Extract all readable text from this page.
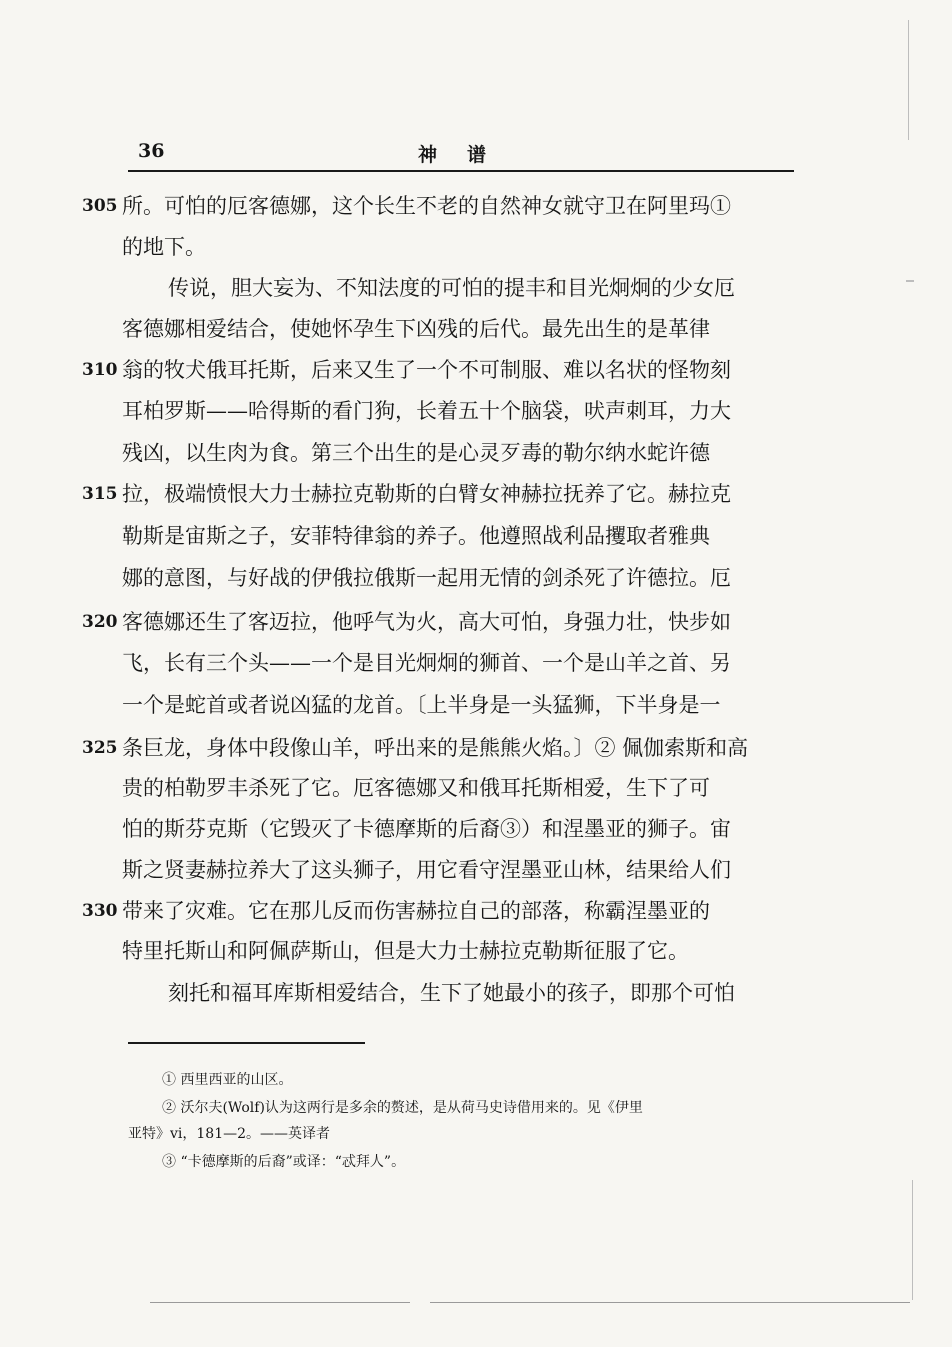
36	神谱
305
310
315
320
325
330
所。可怕的厄客德娜，这个长生不老的自然神女就守卫在阿里玛①
的地下。
传说，胆大妄为、不知法度的可怕的提丰和目光炯炯的少女厄
客德娜相爱结合，使她怀孕生下凶残的后代。最先出生的是革律
翁的牧犬俄耳托斯，后来又生了一个不可制服、难以名状的怪物刻
耳柏罗斯——哈得斯的看门狗，长着五十个脑袋，吠声刺耳，力大
残凶，以生肉为食。第三个出生的是心灵歹毒的勒尔纳水蛇许德
拉，极端愤恨大力士赫拉克勒斯的白臂女神赫拉抚养了它。赫拉克
勒斯是宙斯之子，安菲特律翁的养子。他遵照战利品攫取者雅典
娜的意图，与好战的伊俄拉俄斯一起用无情的剑杀死了许德拉。厄
客德娜还生了客迈拉，他呼气为火，高大可怕，身强力壮，快步如
飞，长有三个头——一个是目光炯炯的狮首、一个是山羊之首、另
一个是蛇首或者说凶猛的龙首。〔上半身是一头猛狮，下半身是一
条巨龙，身体中段像山羊，呼出来的是熊熊火焰。〕② 佩伽索斯和高
贵的柏勒罗丰杀死了它。厄客德娜又和俄耳托斯相爱，生下了可
怕的斯芬克斯（它毁灭了卡德摩斯的后裔③）和涅墨亚的狮子。宙
斯之贤妻赫拉养大了这头狮子，用它看守涅墨亚山林，结果给人们
带来了灾难。它在那儿反而伤害赫拉自己的部落，称霸涅墨亚的
特里托斯山和阿佩萨斯山，但是大力士赫拉克勒斯征服了它。
刻托和福耳库斯相爱结合，生下了她最小的孩子，即那个可怕
① 西里西亚的山区。
② 沃尔夫(Wolf)认为这两行是多余的赘述，是从荷马史诗借用来的。见《伊里
亚特》vi，181—2。——英译者
③ “卡德摩斯的后裔”或译：“忒拜人”。
